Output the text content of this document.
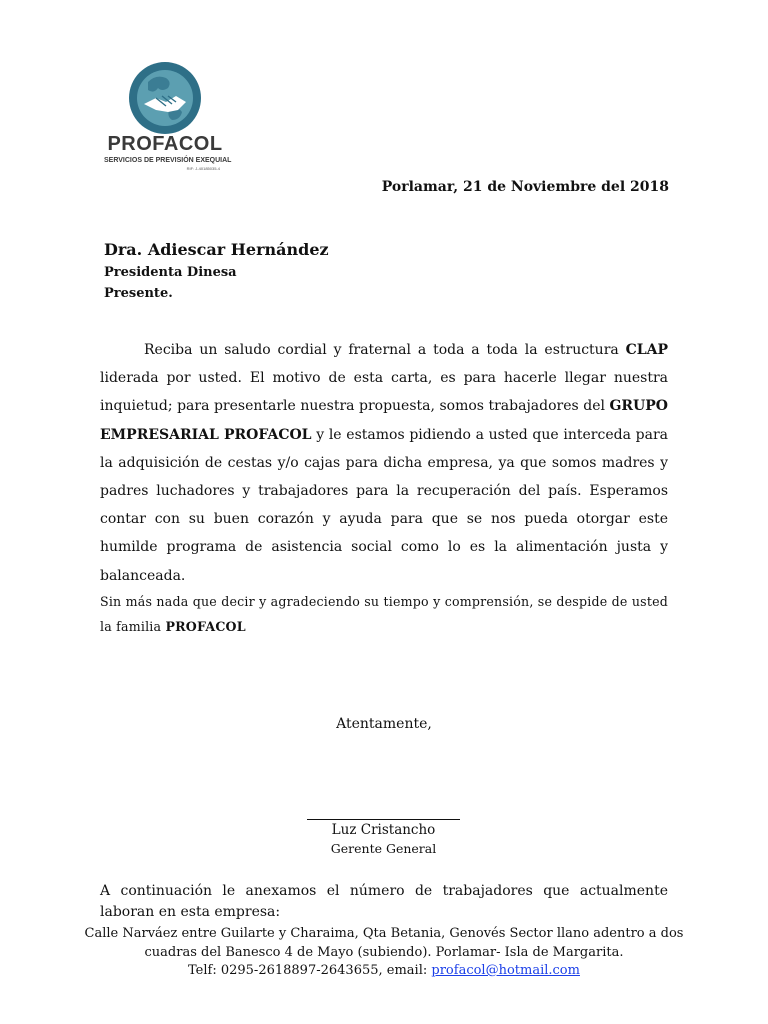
PROFACOL
SERVICIOS DE PREVISIÓN EXEQUIAL
RIF: J-40185035-4
Porlamar, 21 de Noviembre del 2018
Dra. Adiescar Hernández
Presidenta Dinesa
Presente.
Reciba un saludo cordial y fraternal a toda a toda la estructura CLAP liderada por usted. El motivo de esta carta, es para hacerle llegar nuestra inquietud; para presentarle nuestra propuesta, somos trabajadores del GRUPO EMPRESARIAL PROFACOL y le estamos pidiendo a usted que interceda para la adquisición de cestas y/o cajas para dicha empresa, ya que somos madres y padres luchadores y trabajadores para la recuperación del país. Esperamos contar con su buen corazón y ayuda para que se nos pueda otorgar este humilde programa de asistencia social como lo es la alimentación justa y balanceada.
Sin más nada que decir y agradeciendo su tiempo y comprensión, se despide de usted la familia PROFACOL
Atentamente,
Luz Cristancho
Gerente General
A continuación le anexamos el número de trabajadores que actualmente laboran en esta empresa:
Calle Narváez entre Guilarte y Charaima, Qta Betania, Genovés Sector llano adentro a dos
cuadras del Banesco 4 de Mayo (subiendo). Porlamar- Isla de Margarita.
Telf: 0295-2618897-2643655, email: profacol@hotmail.com
